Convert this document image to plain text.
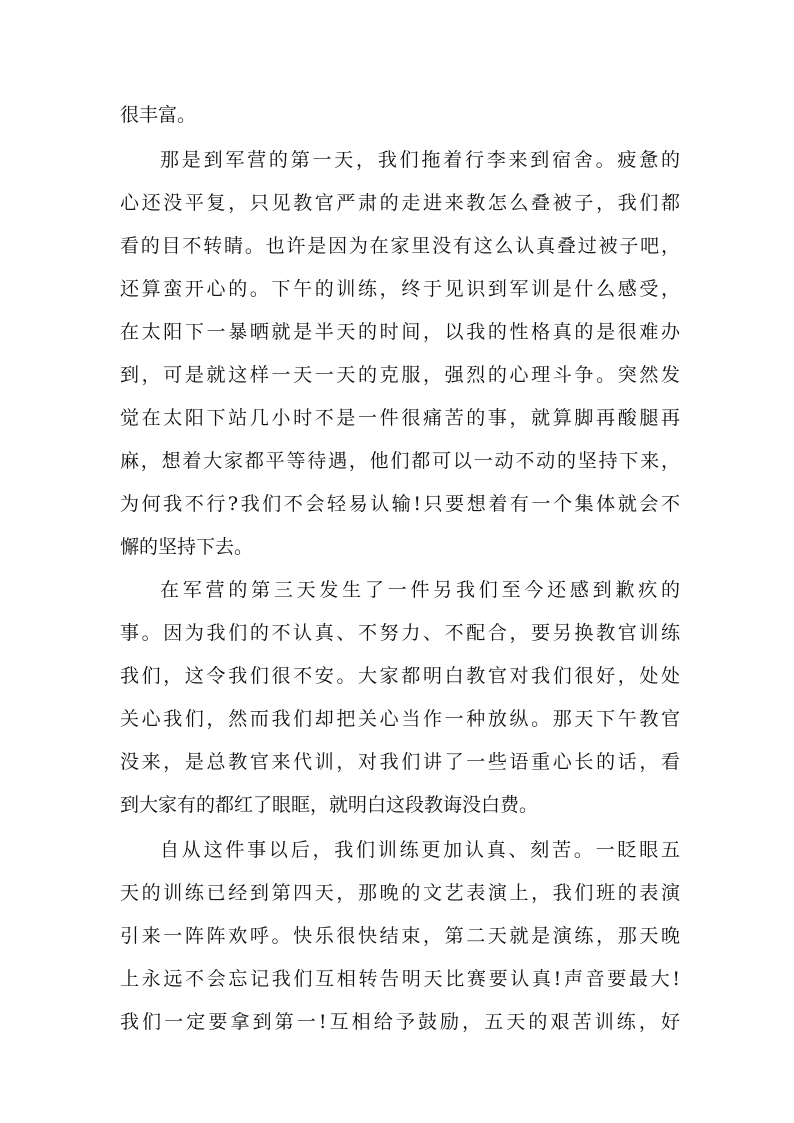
很丰富。
那是到军营的第一天，我们拖着行李来到宿舍。疲惫的
心还没平复，只见教官严肃的走进来教怎么叠被子，我们都
看的目不转睛。也许是因为在家里没有这么认真叠过被子吧，
还算蛮开心的。下午的训练，终于见识到军训是什么感受，
在太阳下一暴晒就是半天的时间，以我的性格真的是很难办
到，可是就这样一天一天的克服，强烈的心理斗争。突然发
觉在太阳下站几小时不是一件很痛苦的事，就算脚再酸腿再
麻，想着大家都平等待遇，他们都可以一动不动的坚持下来，
为何我不行?我们不会轻易认输!只要想着有一个集体就会不
懈的坚持下去。
在军营的第三天发生了一件另我们至今还感到歉疚的
事。因为我们的不认真、不努力、不配合，要另换教官训练
我们，这令我们很不安。大家都明白教官对我们很好，处处
关心我们，然而我们却把关心当作一种放纵。那天下午教官
没来，是总教官来代训，对我们讲了一些语重心长的话，看
到大家有的都红了眼眶，就明白这段教诲没白费。
自从这件事以后，我们训练更加认真、刻苦。一眨眼五
天的训练已经到第四天，那晚的文艺表演上，我们班的表演
引来一阵阵欢呼。快乐很快结束，第二天就是演练，那天晚
上永远不会忘记我们互相转告明天比赛要认真!声音要最大!
我们一定要拿到第一!互相给予鼓励，五天的艰苦训练，好
